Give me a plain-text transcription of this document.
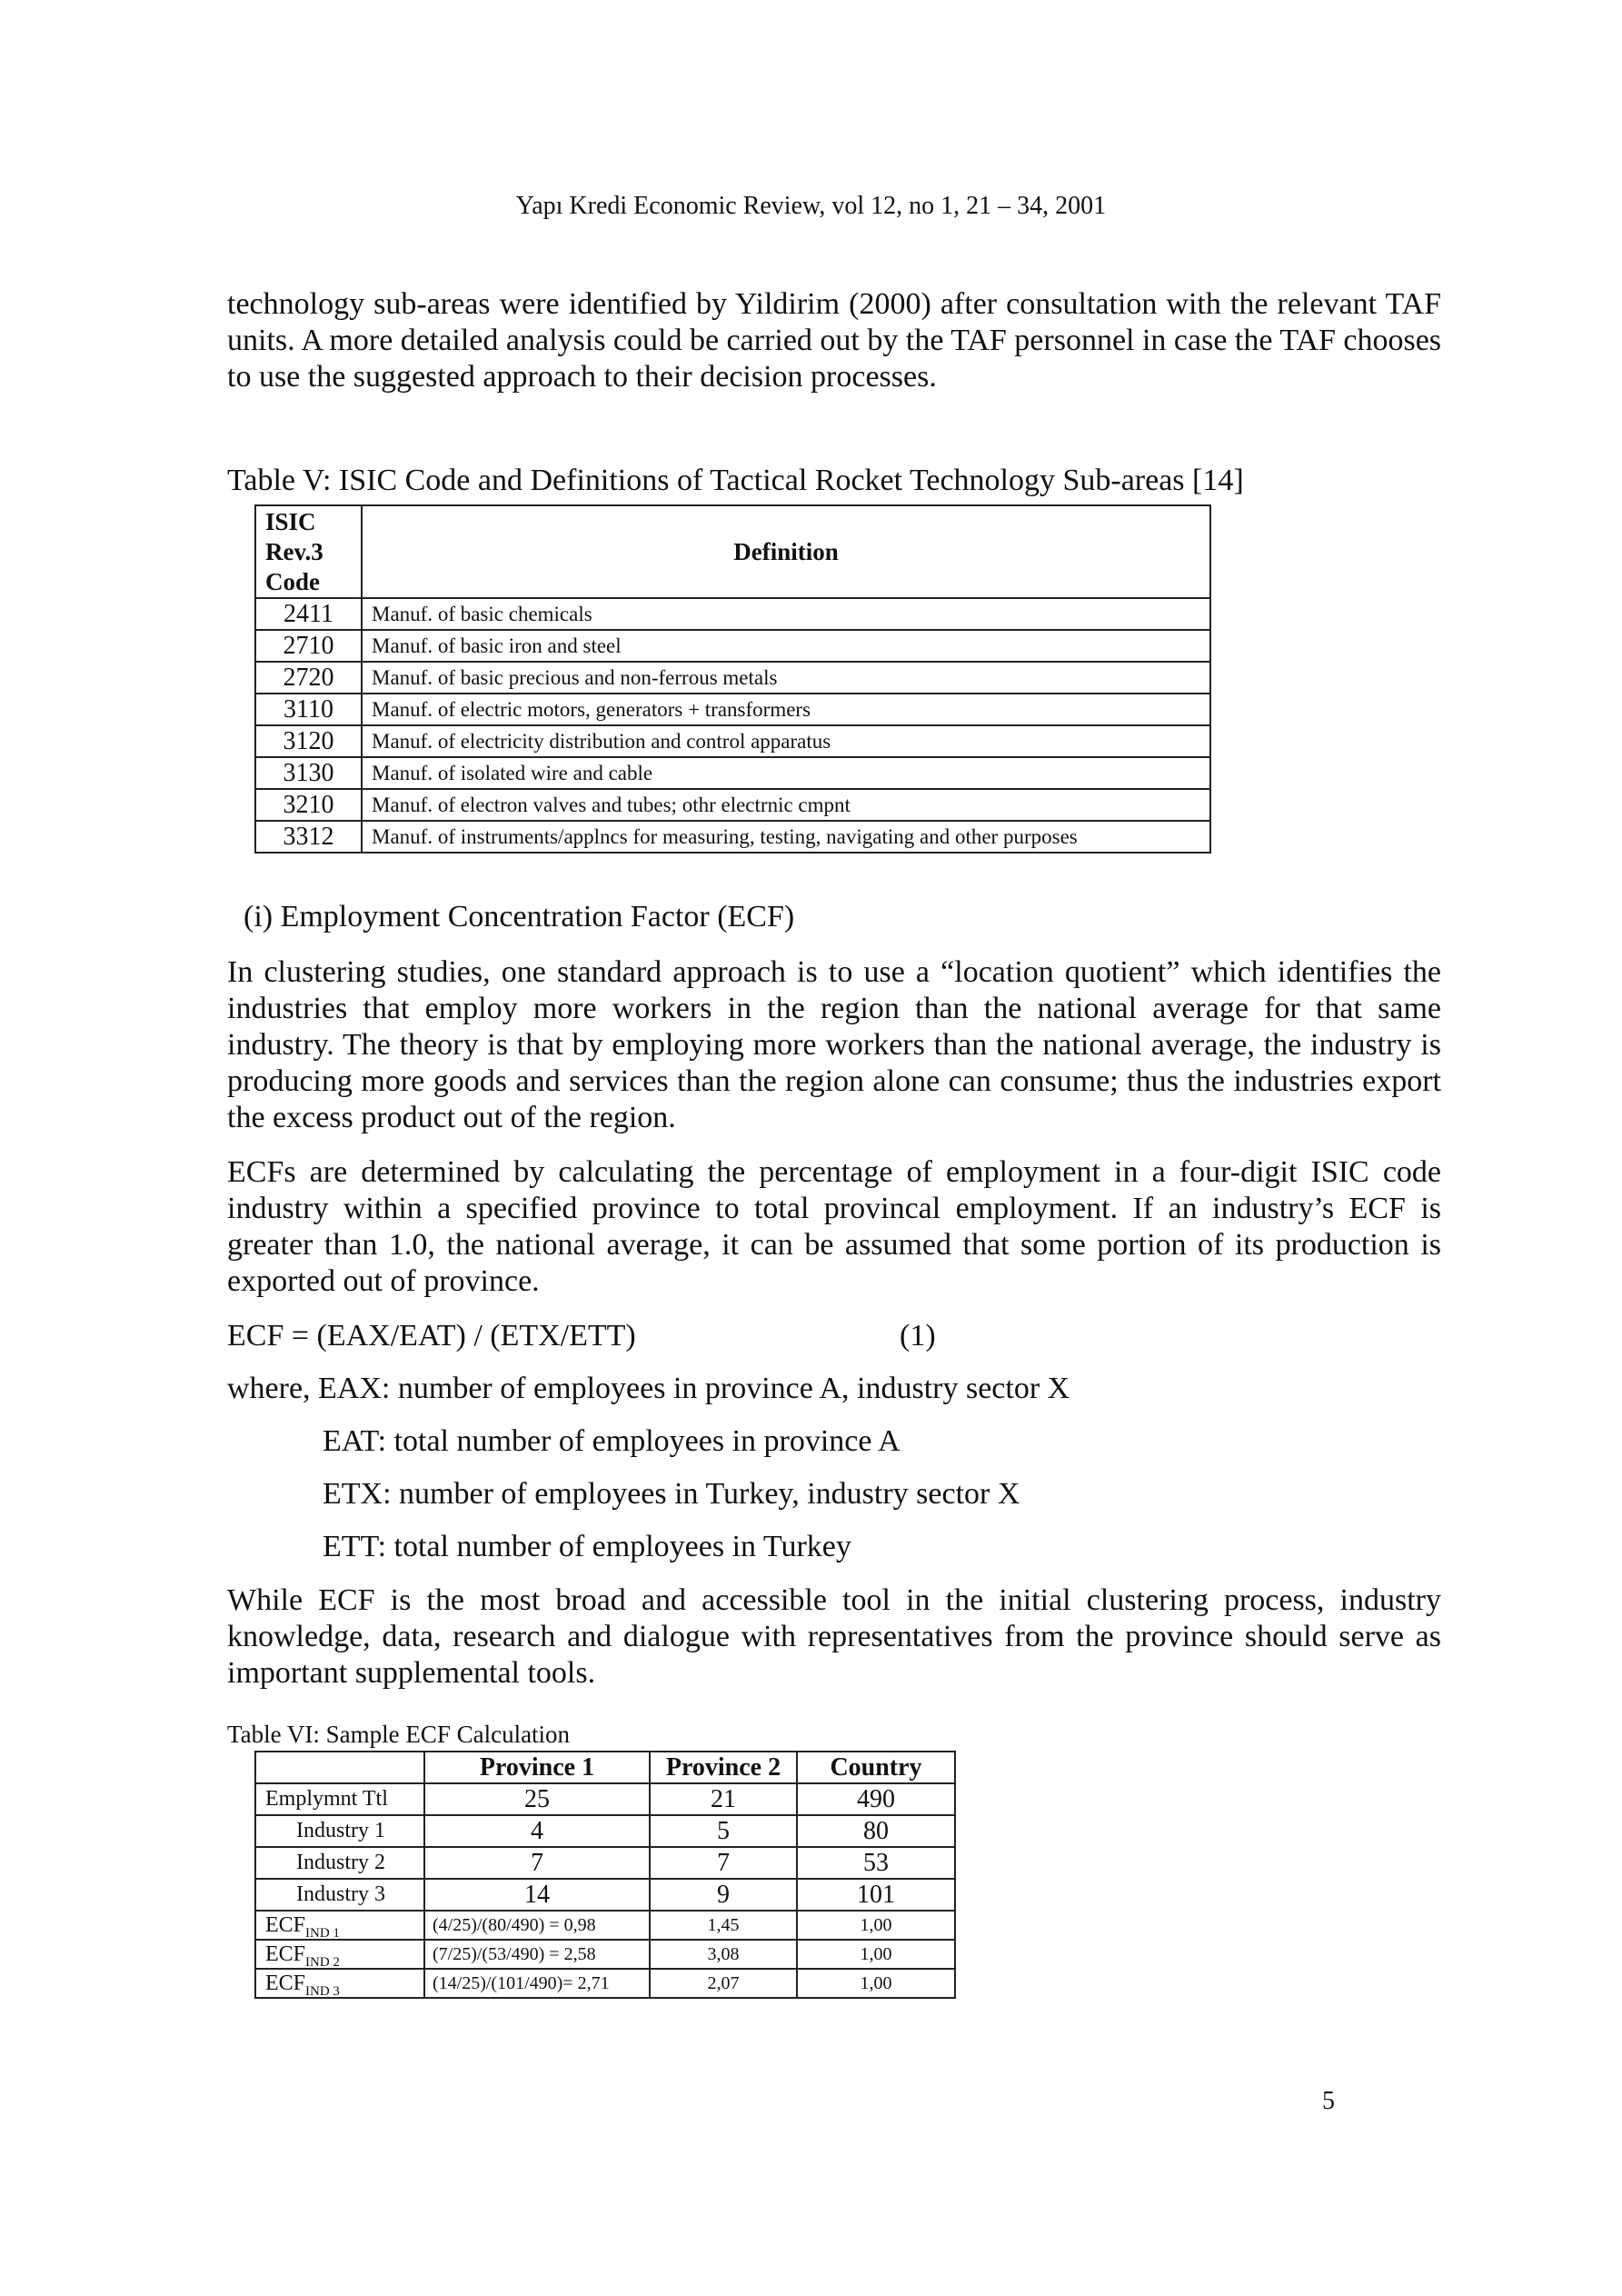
Yapı Kredi Economic Review, vol 12, no 1, 21 – 34, 2001

technology sub-areas were identified by Yildirim (2000) after consultation with the relevant TAF units. A more detailed analysis could be carried out by the TAF personnel in case the TAF chooses to use the suggested approach to their decision processes.

Table V: ISIC Code and Definitions of Tactical Rocket Technology Sub-areas [14]
ISIC
Rev.3
Code	Definition
2411	Manuf. of basic chemicals
2710	Manuf. of basic iron and steel
2720	Manuf. of basic precious and non-ferrous metals
3110	Manuf. of electric motors, generators + transformers
3120	Manuf. of electricity distribution and control apparatus
3130	Manuf. of isolated wire and cable
3210	Manuf. of electron valves and tubes; othr electrnic cmpnt
3312	Manuf. of instruments/applncs for measuring, testing, navigating and other purposes
(i) Employment Concentration Factor (ECF)

In clustering studies, one standard approach is to use a “location quotient” which identifies the industries that employ more workers in the region than the national average for that same industry. The theory is that by employing more workers than the national average, the industry is producing more goods and services than the region alone can consume; thus the industries export the excess product out of the region.

ECFs are determined by calculating the percentage of employment in a four-digit ISIC code industry within a specified province to total provincal employment. If an industry’s ECF is greater than 1.0, the national average, it can be assumed that some portion of its production is exported out of province.

ECF = (EAX/EAT) / (ETX/ETT)	(1)
where, EAX: number of employees in province A, industry sector X
EAT: total number of employees in province A
ETX: number of employees in Turkey, industry sector X
ETT: total number of employees in Turkey

While ECF is the most broad and accessible tool in the initial clustering process, industry knowledge, data, research and dialogue with representatives from the province should serve as important supplemental tools.

Table VI: Sample ECF Calculation
	Province 1	Province 2	Country
Emplymnt Ttl	25	21	490
Industry 1	4	5	80
Industry 2	7	7	53
Industry 3	14	9	101
$ECF_{IND 1}$	(4/25)/(80/490) = 0,98	1,45	1,00
$ECF_{IND 2}$	(7/25)/(53/490) = 2,58	3,08	1,00
$ECF_{IND 3}$	(14/25)/(101/490)= 2,71	2,07	1,00
5
